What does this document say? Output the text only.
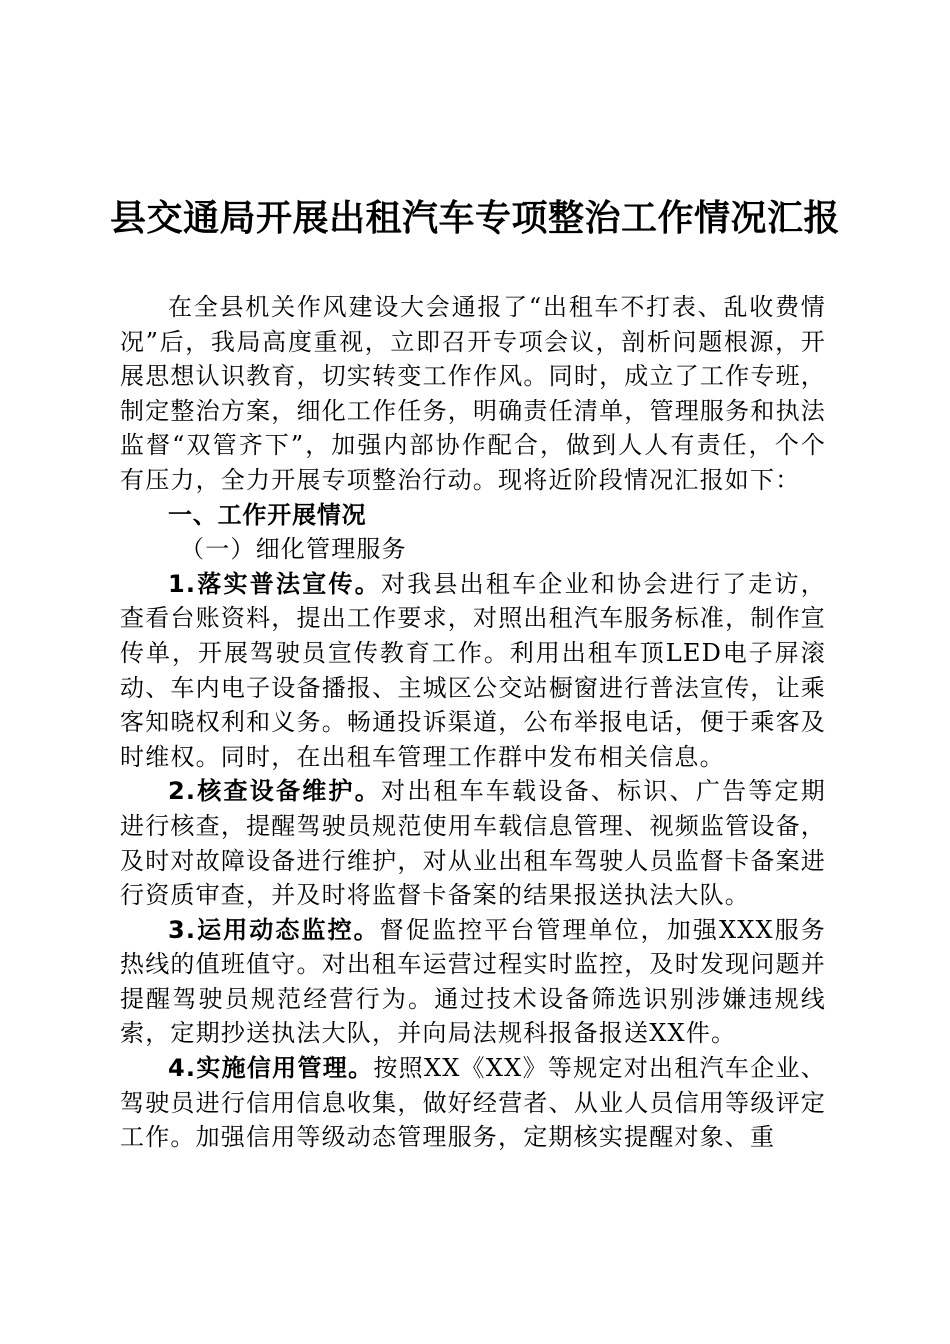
县交通局开展出租汽车专项整治工作情况汇报

在全县机关作风建设大会通报了“出租车不打表、乱收费情况”后，我局高度重视，立即召开专项会议，剖析问题根源，开展思想认识教育，切实转变工作作风。同时，成立了工作专班，制定整治方案，细化工作任务，明确责任清单，管理服务和执法监督“双管齐下”，加强内部协作配合，做到人人有责任，个个有压力，全力开展专项整治行动。现将近阶段情况汇报如下：

一、工作开展情况

（一）细化管理服务

1.落实普法宣传。对我县出租车企业和协会进行了走访，查看台账资料，提出工作要求，对照出租汽车服务标准，制作宣传单，开展驾驶员宣传教育工作。利用出租车顶LED电子屏滚动、车内电子设备播报、主城区公交站橱窗进行普法宣传，让乘客知晓权利和义务。畅通投诉渠道，公布举报电话，便于乘客及时维权。同时，在出租车管理工作群中发布相关信息。

2.核查设备维护。对出租车车载设备、标识、广告等定期进行核查，提醒驾驶员规范使用车载信息管理、视频监管设备，及时对故障设备进行维护，对从业出租车驾驶人员监督卡备案进行资质审查，并及时将监督卡备案的结果报送执法大队。

3.运用动态监控。督促监控平台管理单位，加强XXX服务热线的值班值守。对出租车运营过程实时监控，及时发现问题并提醒驾驶员规范经营行为。通过技术设备筛选识别涉嫌违规线索，定期抄送执法大队，并向局法规科报备报送XX件。

4.实施信用管理。按照XX《XX》等规定对出租汽车企业、驾驶员进行信用信息收集，做好经营者、从业人员信用等级评定工作。加强信用等级动态管理服务，定期核实提醒对象、重
